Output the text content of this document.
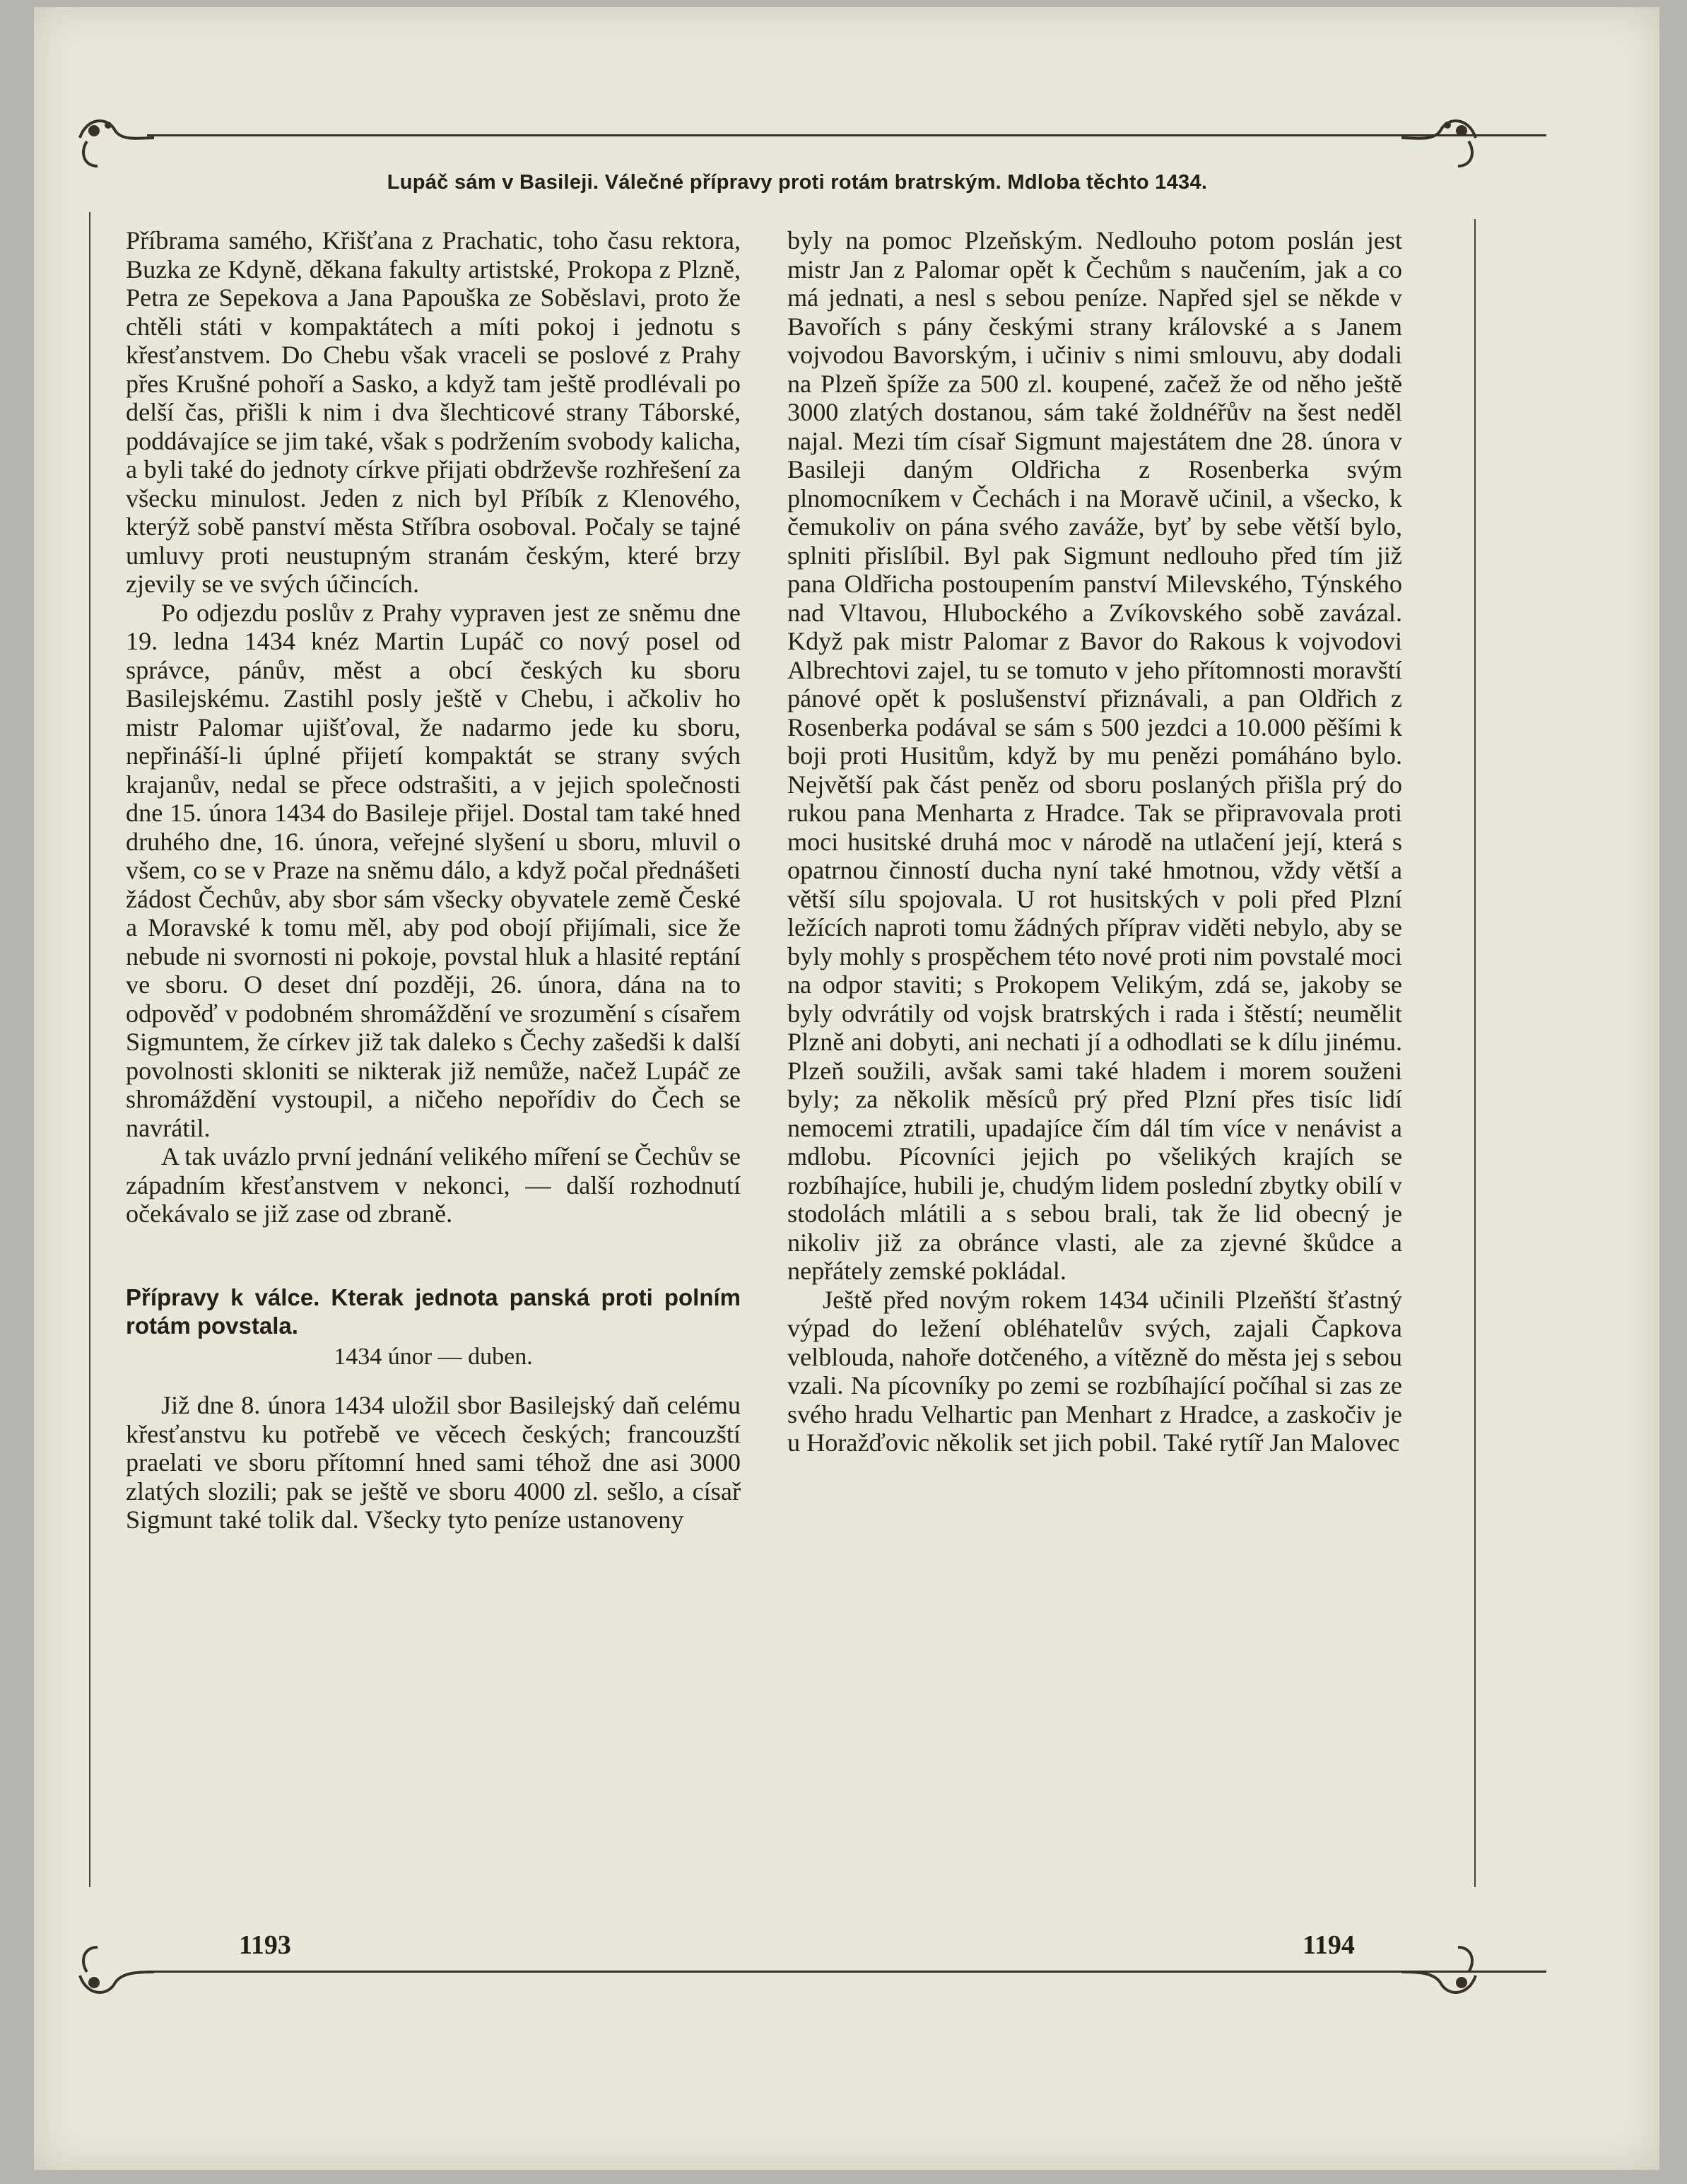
Lupáč sám v Basileji. Válečné přípravy proti rotám bratrským. Mdloba těchto 1434.

Příbrama samého, Křišťana z Prachatic, toho času rektora, Buzka ze Kdyně, děkana fakulty artistské, Prokopa z Plzně, Petra ze Sepekova a Jana Papouška ze Soběslavi, proto že chtěli státi v kompaktátech a míti pokoj i jednotu s křesťanstvem. Do Chebu však vraceli se poslové z Prahy přes Krušné pohoří a Sasko, a když tam ještě prodlévali po delší čas, přišli k nim i dva šlechticové strany Táborské, poddávajíce se jim také, však s podržením svobody kalicha, a byli také do jednoty církve přijati obdrževše rozhřešení za všecku minulost. Jeden z nich byl Příbík z Klenového, kterýž sobě panství města Stříbra osoboval. Počaly se tajné umluvy proti neustupným stranám českým, které brzy zjevily se ve svých účincích.

Po odjezdu poslův z Prahy vypraven jest ze sněmu dne 19. ledna 1434 knéz Martin Lupáč co nový posel od správce, pánův, měst a obcí českých ku sboru Basilejskému. Zastihl posly ještě v Chebu, i ačkoliv ho mistr Palomar ujišťoval, že nadarmo jede ku sboru, nepřináší-li úplné přijetí kompaktát se strany svých krajanův, nedal se přece odstrašiti, a v jejich společnosti dne 15. února 1434 do Basileje přijel. Dostal tam také hned druhého dne, 16. února, veřejné slyšení u sboru, mluvil o všem, co se v Praze na sněmu dálo, a když počal přednášeti žádost Čechův, aby sbor sám všecky obyvatele země České a Moravské k tomu měl, aby pod obojí přijímali, sice že nebude ni svornosti ni pokoje, povstal hluk a hlasité reptání ve sboru. O deset dní později, 26. února, dána na to odpověď v podobném shromáždění ve srozumění s císařem Sigmuntem, že církev již tak daleko s Čechy zašedši k další povolnosti skloniti se nikterak již nemůže, načež Lupáč ze shromáždění vystoupil, a ničeho nepořídiv do Čech se navrátil.

A tak uvázlo první jednání velikého míření se Čechův se západním křesťanstvem v nekonci, — další rozhodnutí očekávalo se již zase od zbraně.

Přípravy k válce. Kterak jednota panská proti polním rotám povstala.

1434 únor — duben.

Již dne 8. února 1434 uložil sbor Basilejský daň celému křesťanstvu ku potřebě ve věcech českých; francouzští praelati ve sboru přítomní hned sami téhož dne asi 3000 zlatých slozili; pak se ještě ve sboru 4000 zl. sešlo, a císař Sigmunt také tolik dal. Všecky tyto peníze ustanoveny

byly na pomoc Plzeňským. Nedlouho potom poslán jest mistr Jan z Palomar opět k Čechům s naučením, jak a co má jednati, a nesl s sebou peníze. Napřed sjel se někde v Bavořích s pány českými strany královské a s Janem vojvodou Bavorským, i učiniv s nimi smlouvu, aby dodali na Plzeň špíže za 500 zl. koupené, začež že od něho ještě 3000 zlatých dostanou, sám také žoldnéřův na šest neděl najal. Mezi tím císař Sigmunt majestátem dne 28. února v Basileji daným Oldřicha z Rosenberka svým plnomocníkem v Čechách i na Moravě učinil, a všecko, k čemukoliv on pána svého zaváže, byť by sebe větší bylo, splniti přislíbil. Byl pak Sigmunt nedlouho před tím již pana Oldřicha postoupením panství Milevského, Týnského nad Vltavou, Hlubockého a Zvíkovského sobě zavázal. Když pak mistr Palomar z Bavor do Rakous k vojvodovi Albrechtovi zajel, tu se tomuto v jeho přítomnosti moravští pánové opět k poslušenství přiznávali, a pan Oldřich z Rosenberka podával se sám s 500 jezdci a 10.000 pěšími k boji proti Husitům, když by mu penězi pomáháno bylo. Největší pak část peněz od sboru poslaných přišla prý do rukou pana Menharta z Hradce. Tak se připravovala proti moci husitské druhá moc v národě na utlačení její, která s opatrnou činností ducha nyní také hmotnou, vždy větší a větší sílu spojovala. U rot husitských v poli před Plzní ležících naproti tomu žádných příprav viděti nebylo, aby se byly mohly s prospěchem této nové proti nim povstalé moci na odpor staviti; s Prokopem Velikým, zdá se, jakoby se byly odvrátily od vojsk bratrských i rada i štěstí; neumělit Plzně ani dobyti, ani nechati jí a odhodlati se k dílu jinému. Plzeň soužili, avšak sami také hladem i morem souženi byly; za několik měsíců prý před Plzní přes tisíc lidí nemocemi ztratili, upadajíce čím dál tím více v nenávist a mdlobu. Pícovníci jejich po všelikých krajích se rozbíhajíce, hubili je, chudým lidem poslední zbytky obilí v stodolách mlátili a s sebou brali, tak že lid obecný je nikoliv již za obránce vlasti, ale za zjevné škůdce a nepřátely zemské pokládal.

Ještě před novým rokem 1434 učinili Plzeňští šťastný výpad do ležení obléhatelův svých, zajali Čapkova velblouda, nahoře dotčeného, a vítězně do města jej s sebou vzali. Na pícovníky po zemi se rozbíhající počíhal si zas ze svého hradu Velhartic pan Menhart z Hradce, a zaskočiv je u Horažďovic několik set jich pobil. Také rytíř Jan Malovec

1193	1194
